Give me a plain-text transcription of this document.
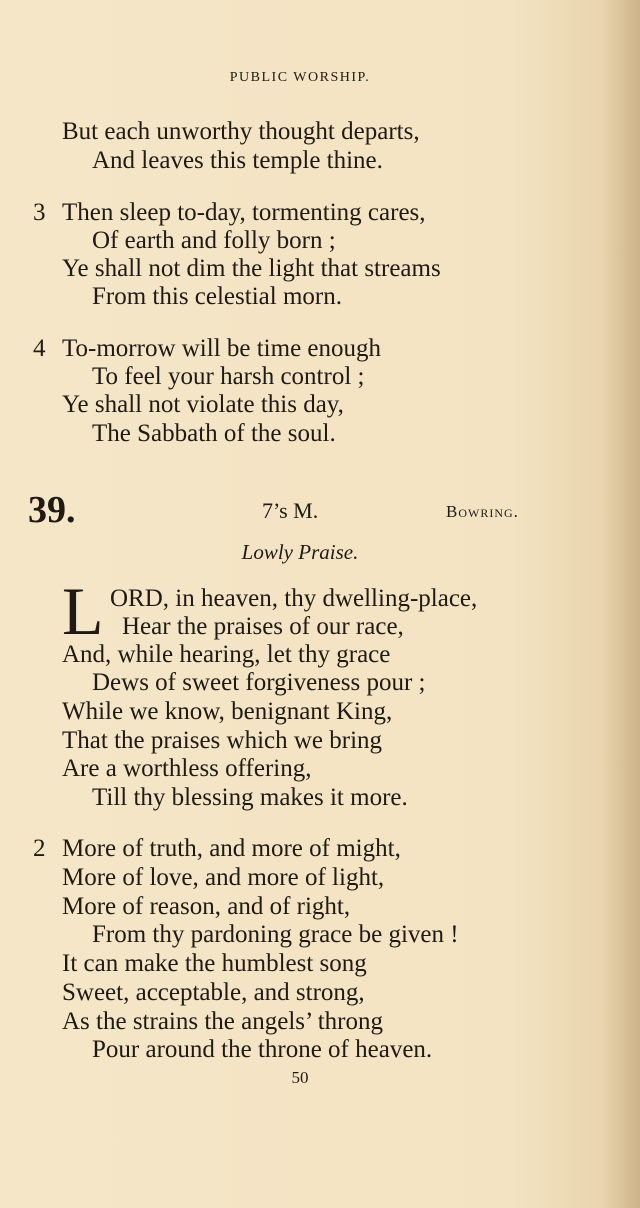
PUBLIC WORSHIP.
But each unworthy thought departs,
And leaves this temple thine.
3 Then sleep to-day, tormenting cares,
Of earth and folly born ;
Ye shall not dim the light that streams
From this celestial morn.
4 To-morrow will be time enough
To feel your harsh control ;
Ye shall not violate this day,
The Sabbath of the soul.
39.	7’s M.	Bowring.
Lowly Praise.
L ORD, in heaven, thy dwelling-place,
Hear the praises of our race,
And, while hearing, let thy grace
Dews of sweet forgiveness pour ;
While we know, benignant King,
That the praises which we bring
Are a worthless offering,
Till thy blessing makes it more.
2 More of truth, and more of might,
More of love, and more of light,
More of reason, and of right,
From thy pardoning grace be given !
It can make the humblest song
Sweet, acceptable, and strong,
As the strains the angels’ throng
Pour around the throne of heaven.
50
